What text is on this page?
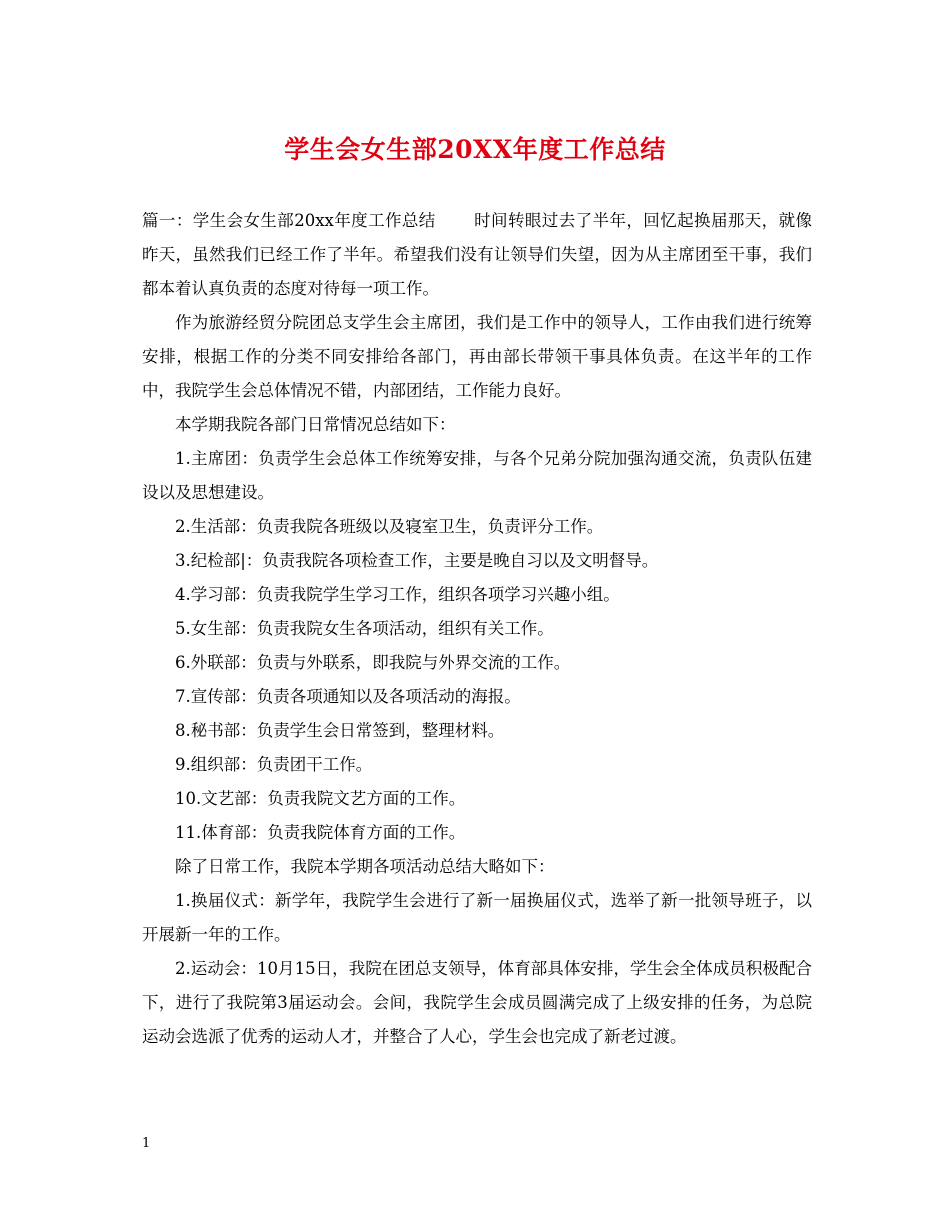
学生会女生部20XX年度工作总结

篇一：学生会女生部20xx年度工作总结 时间转眼过去了半年，回忆起换届那天，就像昨天，虽然我们已经工作了半年。希望我们没有让领导们失望，因为从主席团至干事，我们都本着认真负责的态度对待每一项工作。

作为旅游经贸分院团总支学生会主席团，我们是工作中的领导人，工作由我们进行统筹安排，根据工作的分类不同安排给各部门，再由部长带领干事具体负责。在这半年的工作中，我院学生会总体情况不错，内部团结，工作能力良好。

本学期我院各部门日常情况总结如下：

1.主席团：负责学生会总体工作统筹安排，与各个兄弟分院加强沟通交流，负责队伍建设以及思想建设。

2.生活部：负责我院各班级以及寝室卫生，负责评分工作。

3.纪检部|：负责我院各项检查工作，主要是晚自习以及文明督导。

4.学习部：负责我院学生学习工作，组织各项学习兴趣小组。

5.女生部：负责我院女生各项活动，组织有关工作。

6.外联部：负责与外联系，即我院与外界交流的工作。

7.宣传部：负责各项通知以及各项活动的海报。

8.秘书部：负责学生会日常签到，整理材料。

9.组织部：负责团干工作。

10.文艺部：负责我院文艺方面的工作。

11.体育部：负责我院体育方面的工作。

除了日常工作，我院本学期各项活动总结大略如下：

1.换届仪式：新学年，我院学生会进行了新一届换届仪式，选举了新一批领导班子，以开展新一年的工作。

2.运动会：10月15日，我院在团总支领导，体育部具体安排，学生会全体成员积极配合下，进行了我院第3届运动会。会间，我院学生会成员圆满完成了上级安排的任务，为总院运动会选派了优秀的运动人才，并整合了人心，学生会也完成了新老过渡。

1
